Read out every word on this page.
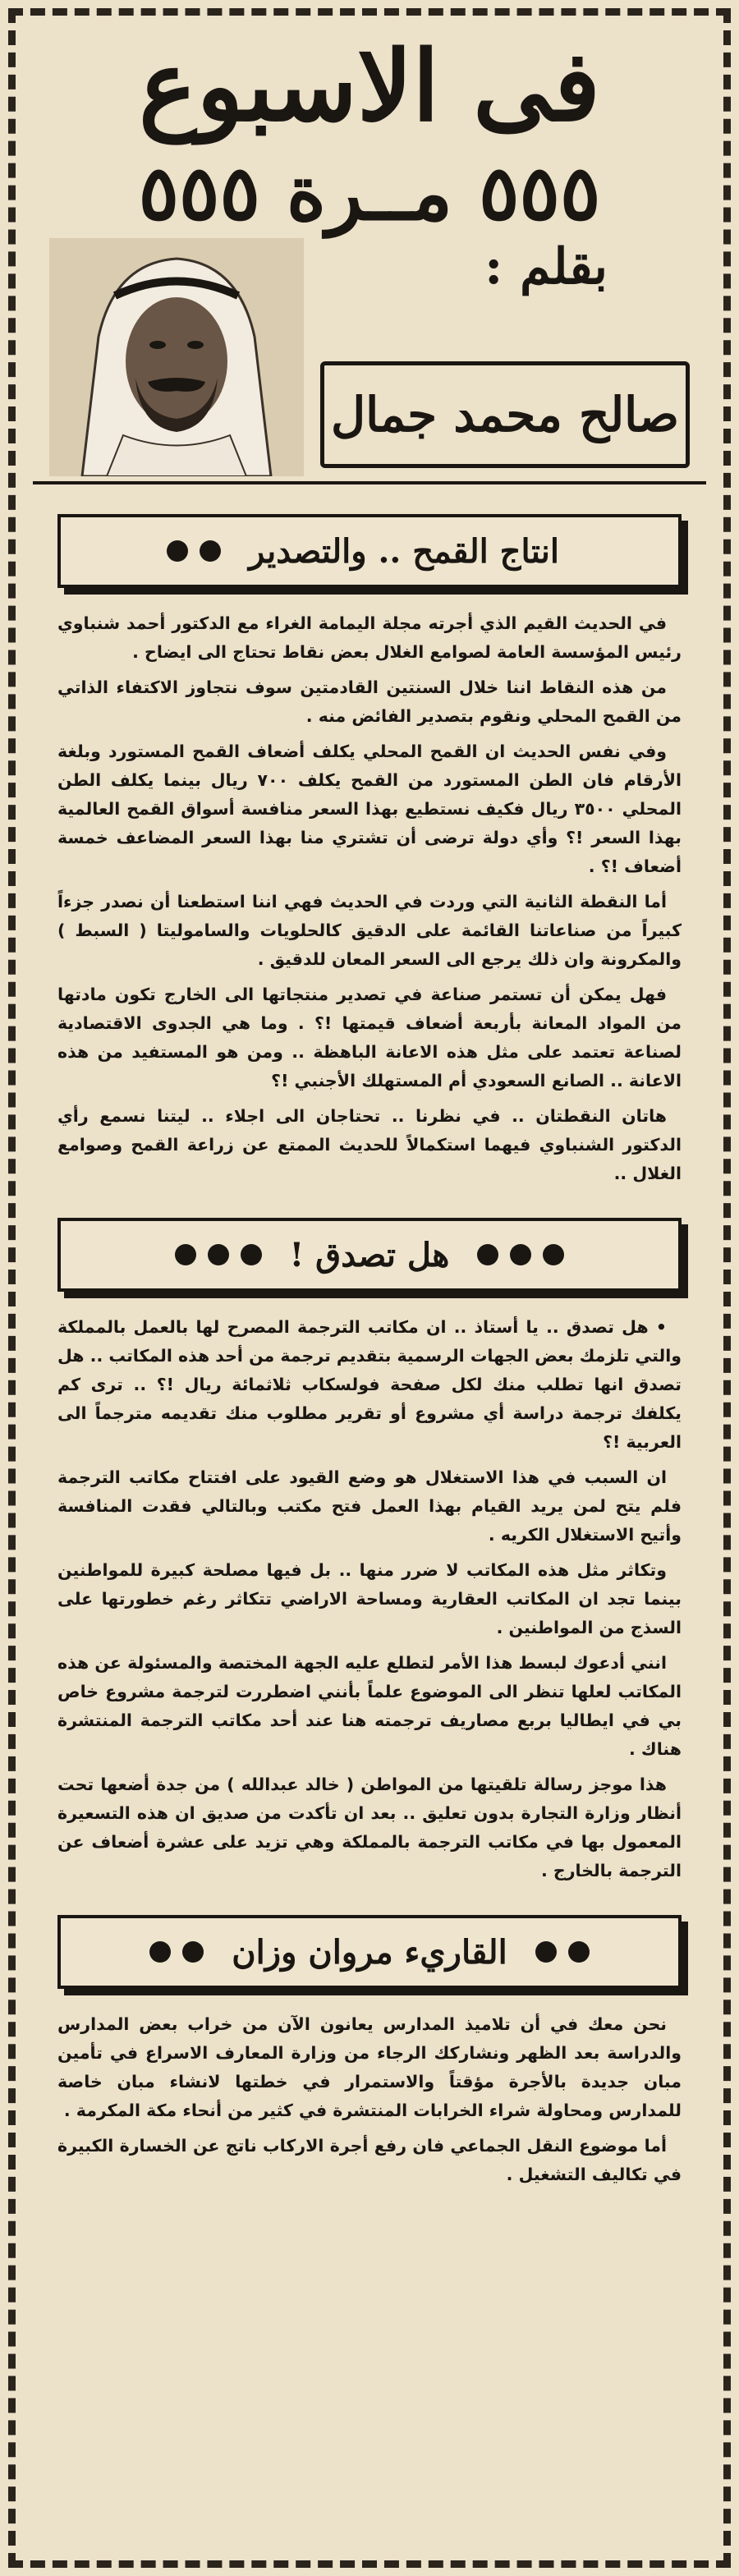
فى الاسبوع
٥٥٥ مــرة ٥٥٥
بقلم :
صالح محمد جمال
انتاج القمح .. والتصدير

في الحديث القيم الذي أجرته مجلة اليمامة الغراء مع الدكتور أحمد شنباوي رئيس المؤسسة العامة لصوامع الغلال بعض نقاط تحتاج الى ايضاح .

من هذه النقاط اننا خلال السنتين القادمتين سوف نتجاوز الاكتفاء الذاتي من القمح المحلي ونقوم بتصدير الفائض منه .

وفي نفس الحديث ان القمح المحلي يكلف أضعاف القمح المستورد وبلغة الأرقام فان الطن المستورد من القمح يكلف ٧٠٠ ريال بينما يكلف الطن المحلي ٣٥٠٠ ريال فكيف نستطيع بهذا السعر منافسة أسواق القمح العالمية بهذا السعر !؟ وأي دولة ترضى أن تشتري منا بهذا السعر المضاعف خمسة أضعاف !؟ .

أما النقطة الثانية التي وردت في الحديث فهي اننا استطعنا أن نصدر جزءاً كبيراً من صناعاتنا القائمة على الدقيق كالحلويات والساموليتا ( السبط ) والمكرونة وان ذلك يرجع الى السعر المعان للدقيق .

فهل يمكن أن تستمر صناعة في تصدير منتجاتها الى الخارج تكون مادتها من المواد المعانة بأربعة أضعاف قيمتها !؟ . وما هي الجدوى الاقتصادية لصناعة تعتمد على مثل هذه الاعانة الباهظة .. ومن هو المستفيد من هذه الاعانة .. الصانع السعودي أم المستهلك الأجنبي !؟

هاتان النقطتان .. في نظرنا .. تحتاجان الى اجلاء .. ليتنا نسمع رأي الدكتور الشنباوي فيهما استكمالاً للحديث الممتع عن زراعة القمح وصوامع الغلال ..

هل تصدق !

• هل تصدق .. يا أستاذ .. ان مكاتب الترجمة المصرح لها بالعمل بالمملكة والتي تلزمك بعض الجهات الرسمية بتقديم ترجمة من أحد هذه المكاتب .. هل تصدق انها تطلب منك لكل صفحة فولسكاب ثلاثمائة ريال !؟ .. ترى كم يكلفك ترجمة دراسة أي مشروع أو تقرير مطلوب منك تقديمه مترجماً الى العربية !؟

ان السبب في هذا الاستغلال هو وضع القيود على افتتاح مكاتب الترجمة فلم يتح لمن يريد القيام بهذا العمل فتح مكتب وبالتالي فقدت المنافسة وأتيح الاستغلال الكريه .

وتكاثر مثل هذه المكاتب لا ضرر منها .. بل فيها مصلحة كبيرة للمواطنين بينما تجد ان المكاتب العقارية ومساحة الاراضي تتكاثر رغم خطورتها على السذج من المواطنين .

انني أدعوك لبسط هذا الأمر لتطلع عليه الجهة المختصة والمسئولة عن هذه المكاتب لعلها تنظر الى الموضوع علماً بأنني اضطررت لترجمة مشروع خاص بي في ايطاليا بربع مصاريف ترجمته هنا عند أحد مكاتب الترجمة المنتشرة هناك .

هذا موجز رسالة تلقيتها من المواطن ( خالد عبدالله ) من جدة أضعها تحت أنظار وزارة التجارة بدون تعليق .. بعد ان تأكدت من صديق ان هذه التسعيرة المعمول بها في مكاتب الترجمة بالمملكة وهي تزيد على عشرة أضعاف عن الترجمة بالخارج .

القاريء مروان وزان

نحن معك في أن تلاميذ المدارس يعانون الآن من خراب بعض المدارس والدراسة بعد الظهر ونشاركك الرجاء من وزارة المعارف الاسراع في تأمين مبان جديدة بالأجرة مؤقتاً والاستمرار في خطتها لانشاء مبان خاصة للمدارس ومحاولة شراء الخرابات المنتشرة في كثير من أنحاء مكة المكرمة .

أما موضوع النقل الجماعي فان رفع أجرة الاركاب ناتج عن الخسارة الكبيرة في تكاليف التشغيل .
